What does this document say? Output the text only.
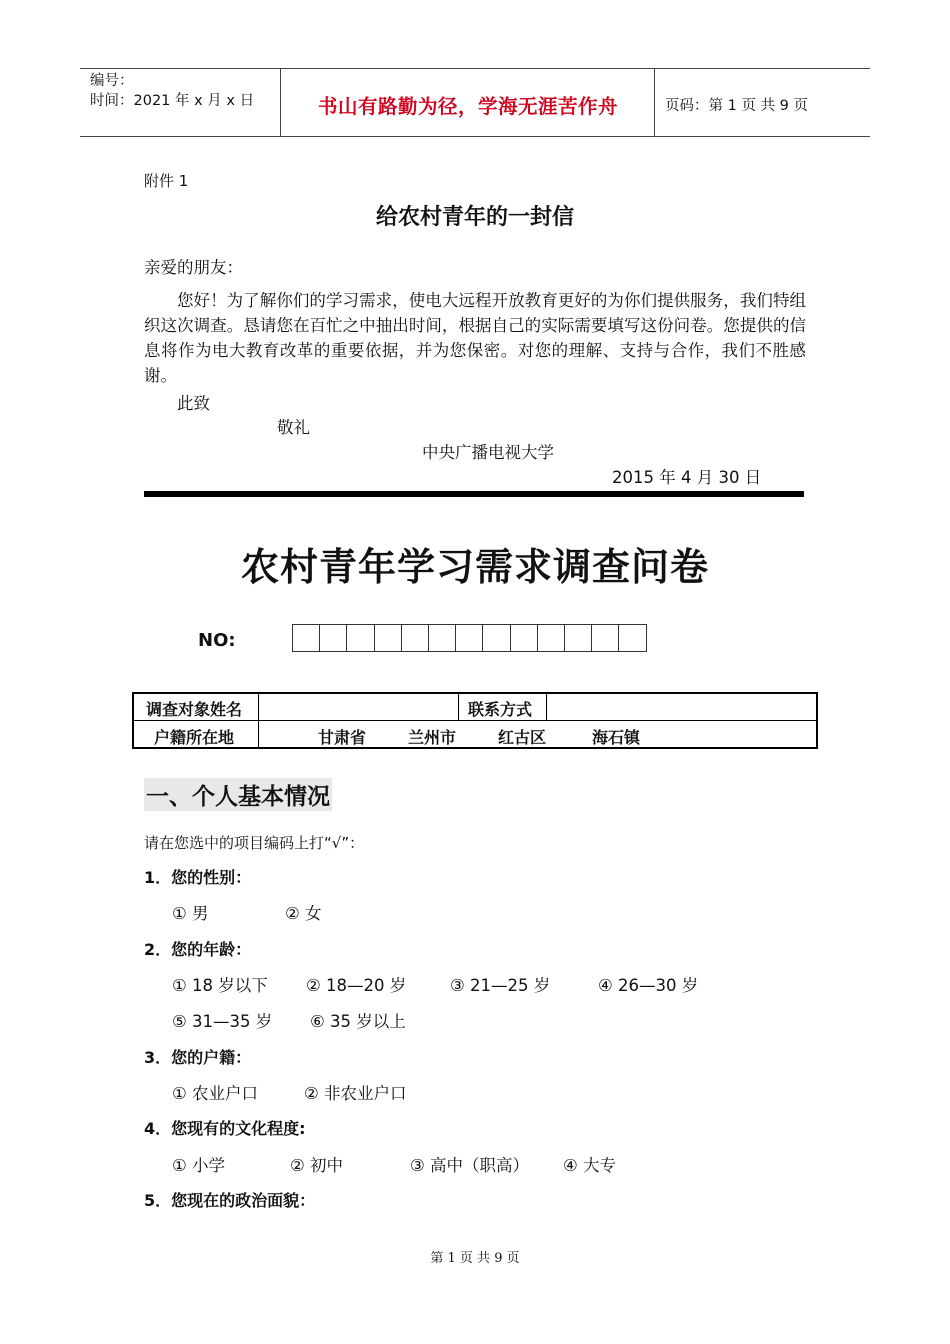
编号：
时间：2021 年 x 月 x 日	书山有路勤为径，学海无涯苦作舟	页码：第 1 页 共 9 页
附件 1
给农村青年的一封信
亲爱的朋友：
您好！为了解你们的学习需求，使电大远程开放教育更好的为你们提供服务，我们特组织这次调查。恳请您在百忙之中抽出时间，根据自己的实际需要填写这份问卷。您提供的信息将作为电大教育改革的重要依据，并为您保密。对您的理解、支持与合作，我们不胜感谢。
此致
敬礼
中央广播电视大学
2015 年 4 月 30 日
农村青年学习需求调查问卷
NO:
调查对象姓名	联系方式
户籍所在地	甘肃省	兰州市	红古区	海石镇
一、个人基本情况
请在您选中的项目编码上打“√”：
1．您的性别：
① 男	② 女
2．您的年龄：
① 18 岁以下 ② 18—20 岁	③ 21—25 岁	④ 26—30 岁
⑤ 31—35 岁 ⑥ 35 岁以上
3．您的户籍：
① 农业户口	② 非农业户口
4．您现有的文化程度:
① 小学	② 初中	③ 高中（职高） ④ 大专
5．您现在的政治面貌：
第 1 页 共 9 页
